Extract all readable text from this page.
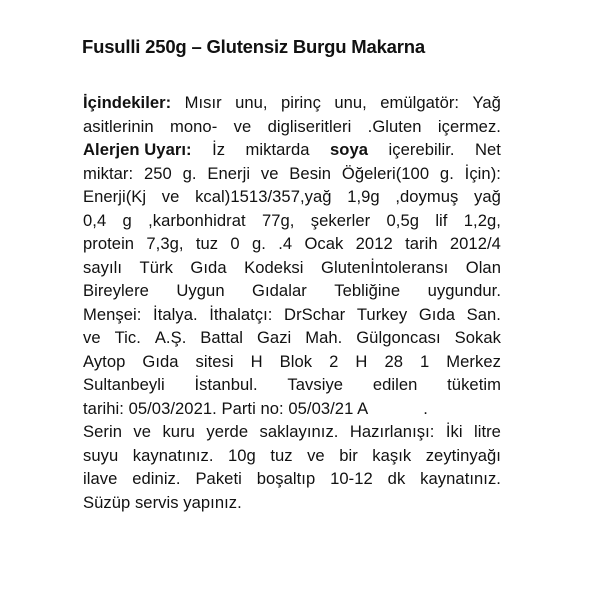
Fusulli 250g – Glutensiz Burgu Makarna
İçindekiler: Mısır unu, pirinç unu, emülgatör: Yağ
asitlerinin mono- ve digliseritleri .Gluten içermez.
Alerjen Uyarı: İz miktarda soya içerebilir. Net
miktar: 250 g. Enerji ve Besin Öğeleri(100 g. İçin):
Enerji(Kj ve kcal)1513/357,yağ 1,9g ,doymuş yağ
0,4 g ,karbonhidrat 77g, şekerler 0,5g lif 1,2g,
protein 7,3g, tuz 0 g. .4 Ocak 2012 tarih 2012/4
sayılı Türk Gıda Kodeksi Glutenİntoleransı Olan
Bireylere Uygun Gıdalar Tebliğine uygundur.
Menşei: İtalya. İthalatçı: DrSchar Turkey Gıda San.
ve Tic. A.Ş. Battal Gazi Mah. Gülgoncası Sokak
Aytop Gıda sitesi H Blok 2 H 28 1 Merkez
Sultanbeyli İstanbul. Tavsiye edilen tüketim
tarihi: 05/03/2021. Parti no: 05/03/21 A            .
Serin ve kuru yerde saklayınız. Hazırlanışı: İki litre
suyu kaynatınız. 10g tuz ve bir kaşık zeytinyağı
ilave ediniz. Paketi boşaltıp 10-12 dk kaynatınız.
Süzüp servis yapınız.
